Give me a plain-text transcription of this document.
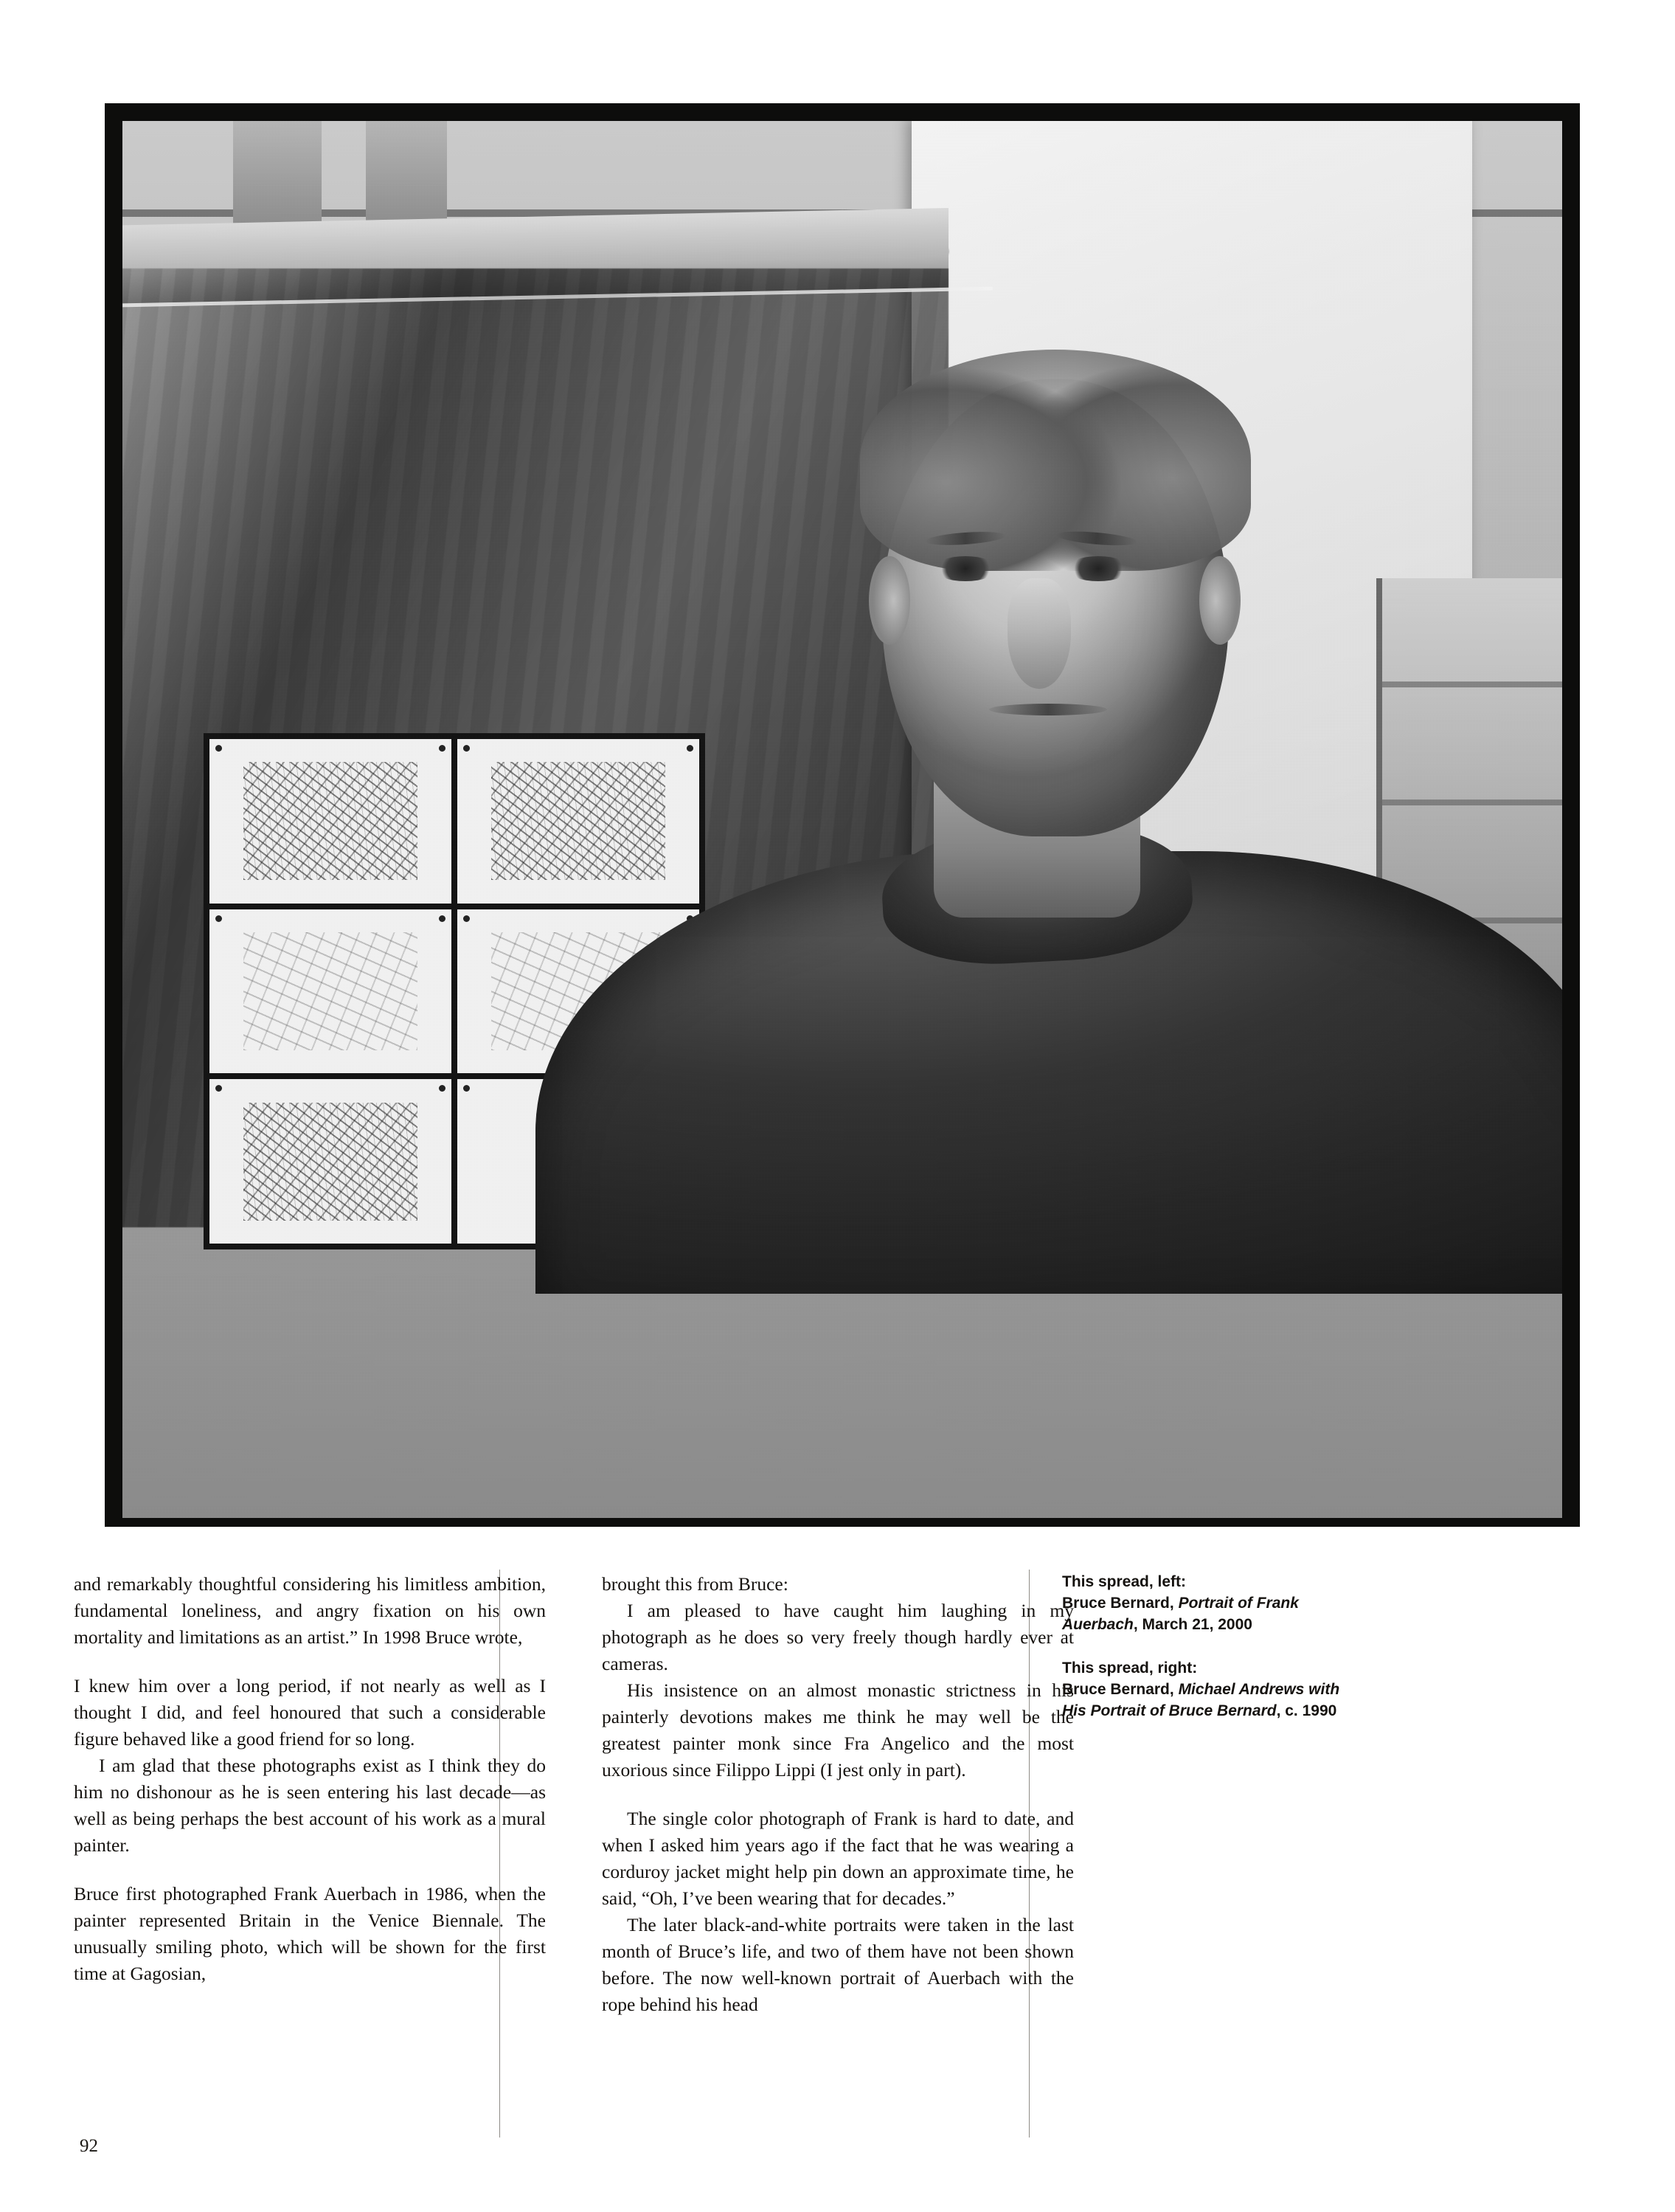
and remarkably thoughtful considering his limitless ambition, fundamental loneliness, and angry fixation on his own mortality and limitations as an artist.” In 1998 Bruce wrote,

I knew him over a long period, if not nearly as well as I thought I did, and feel honoured that such a considerable figure behaved like a good friend for so long.

I am glad that these photographs exist as I think they do him no dishonour as he is seen entering his last decade—as well as being perhaps the best account of his work as a mural painter.

Bruce first photographed Frank Auerbach in 1986, when the painter represented Britain in the Venice Biennale. The unusually smiling photo, which will be shown for the first time at Gagosian,

brought this from Bruce:

I am pleased to have caught him laughing in my photograph as he does so very freely though hardly ever at cameras.

His insistence on an almost monastic strictness in his painterly devotions makes me think he may well be the greatest painter monk since Fra Angelico and the most uxorious since Filippo Lippi (I jest only in part).

The single color photograph of Frank is hard to date, and when I asked him years ago if the fact that he was wearing a corduroy jacket might help pin down an approximate time, he said, “Oh, I’ve been wearing that for decades.”

The later black-and-white portraits were taken in the last month of Bruce’s life, and two of them have not been shown before. The now well-known portrait of Auerbach with the rope behind his head

This spread, left:
Bruce Bernard, Portrait of Frank Auerbach, March 21, 2000
This spread, right:
Bruce Bernard, Michael Andrews with His Portrait of Bruce Bernard, c. 1990
92
